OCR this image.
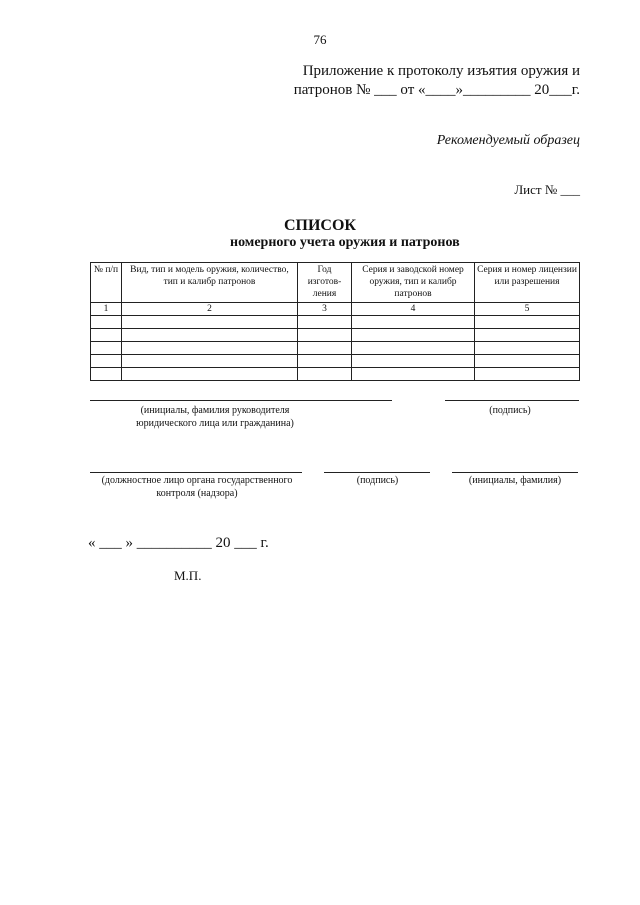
76
Приложение к протоколу изъятия оружия и
патронов № ___ от «____»_________ 20___г.
Рекомендуемый образец
Лист № ___
СПИСОК
номерного учета оружия и патронов
№ п/п	Вид, тип и модель оружия, количество, тип и калибр патронов	Год изготов-ления	Серия и заводской номер оружия, тип и калибр патронов	Серия и номер лицензии или разрешения
1	2	3	4	5

(инициалы, фамилия руководителя юридического лица или гражданина)
(подпись)
(должностное лицо органа государственного контроля (надзора)
(подпись)	(инициалы, фамилия)
« ___ » __________ 20 ___ г.
М.П.
